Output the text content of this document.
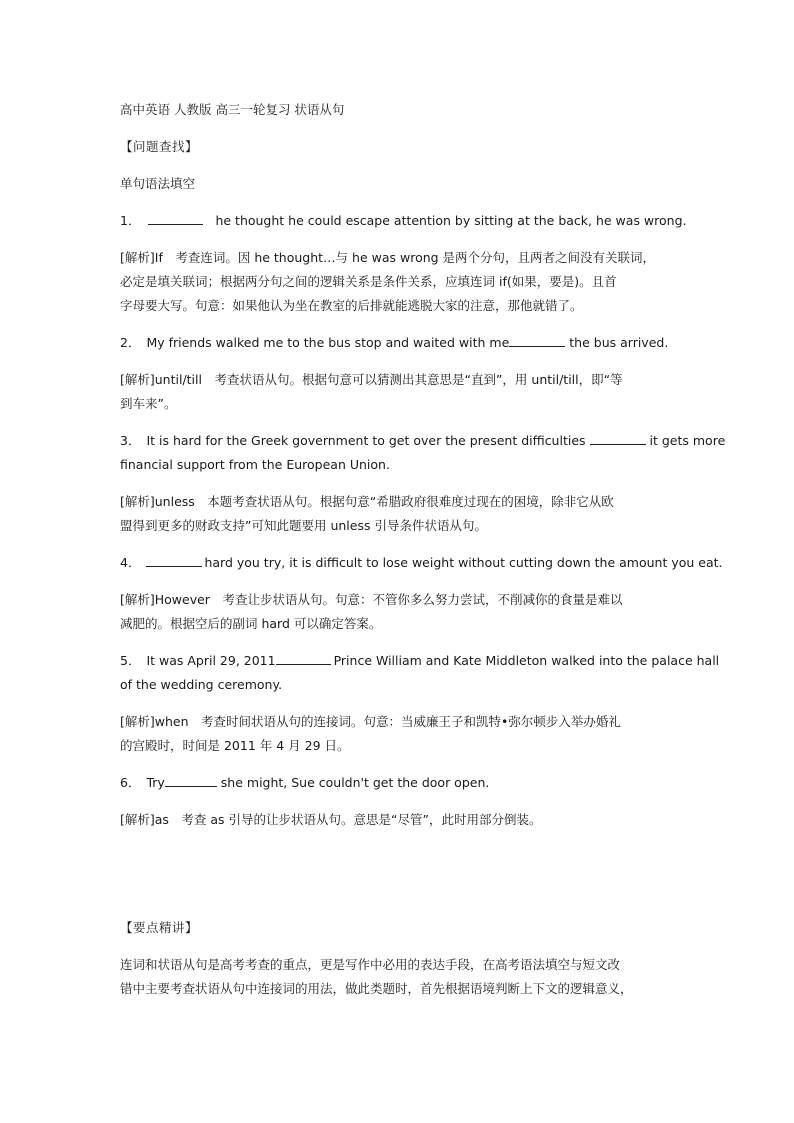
高中英语 人教版 高三一轮复习 状语从句
【问题查找】
单句语法填空
1．	he thought he could escape attention by sitting at the back, he was wrong.
[解析]If　考查连词。因 he thought…与 he was wrong 是两个分句，且两者之间没有关联词，
必定是填关联词；根据两分句之间的逻辑关系是条件关系，应填连词 if(如果，要是)。且首
字母要大写。句意：如果他认为坐在教室的后排就能逃脱大家的注意，那他就错了。
2． My friends walked me to the bus stop and waited with me	the bus arrived.
[解析]until/till　考查状语从句。根据句意可以猜测出其意思是“直到”，用 until/till，即“等
到车来”。
3． It is hard for the Greek government to get over the present difficulties	it gets more
financial support from the European Union.
[解析]unless　本题考查状语从句。根据句意“希腊政府很难度过现在的困境，除非它从欧
盟得到更多的财政支持”可知此题要用 unless 引导条件状语从句。
4．	hard you try, it is difficult to lose weight without cutting down the amount you eat.
[解析]However　考查让步状语从句。句意：不管你多么努力尝试，不削减你的食量是难以
减肥的。根据空后的副词 hard 可以确定答案。
5． It was April 29, 2011	Prince William and Kate Middleton walked into the palace hall
of the wedding ceremony.
[解析]when　考查时间状语从句的连接词。句意：当威廉王子和凯特•弥尔顿步入举办婚礼
的宫殿时，时间是 2011 年 4 月 29 日。
6． Try	she might, Sue couldn't get the door open.
[解析]as　考查 as 引导的让步状语从句。意思是“尽管”，此时用部分倒装。
【要点精讲】
连词和状语从句是高考考查的重点，更是写作中必用的表达手段，在高考语法填空与短文改
错中主要考查状语从句中连接词的用法，做此类题时，首先根据语境判断上下文的逻辑意义，
